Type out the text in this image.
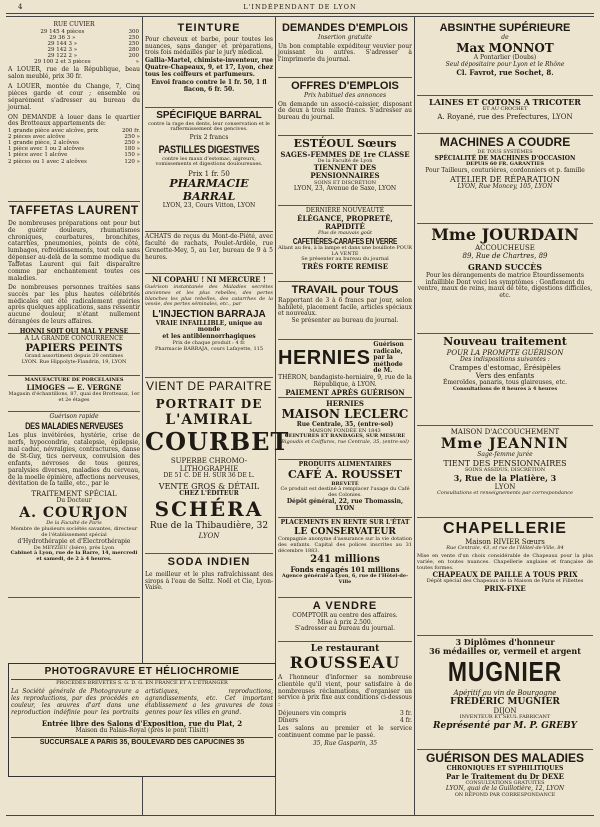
4	L'INDÉPENDANT DE LYON
RUE CUVIER
29 145 4 pièces	300
29 36 3 »	250
29 144 3 »	250
29 142 3 »	280
29 122 2 »	200
29 100 2 et 3 pièces	»
A LOUER, rue de la République, beau salon meublé, prix 30 fr.
A LOUER, montée du Change, 7, Cinq pièces garde et cour ; ensemble ou séparément s'adresser au bureau du journal.
ON DEMANDE à louer dans le quartier des Brotteaux appartements de:
1 grande pièce avec alcôve, prix	200 fr.
2 pièces avec alcôve	250 »
1 grande pièce, 2 alcôves	250 »
1 pièce avec 1 ou 2 alcôves	180 »
1 pièce avec 1 alcôve	150 »
2 pièces ou 1 avec 2 alcôves	120 »
TAFFETAS LAURENT
De nombreuses préparations ont pour but de guérir douleurs, rhumatismes chroniques, courbatures, bronchites, catarrhes, pneumonies, points de côté, lumbagos, refroidissements, tout cela sans dépenser au-delà de la somme modique du Taffetas Laurent qui fait disparaître comme par enchantement toutes ces maladies.
De nombreuses personnes traitées sans succès par les plus hautes célébrités médicales ont été radicalement guéries après quelques applications, sans ressentir aucune douleur, n'étant nullement dérangées de leurs affaires.
HONNI SOIT QUI MAL Y PENSE
A LA GRANDE CONCURRENCE
PAPIERS PEINTS
Grand assortiment depuis 20 centimes
LYON. Rue Hippolyte-Flandrin, 19, LYON
MANUFACTURE DE PORCELAINES
LIMOGES — E. VERGNE
Magasin d'échantillons, 87, quai des Brotteaux, 1er et 2e étages
Guérison rapide
DES MALADIES NERVEUSES
Les plus invétérées, hystérie, crise de nerfs, hypocondrie, catalepsie, épilepsie, mal caduc, névralgies, contractures, danse de St-Guy, tics nerveux, convulsion des enfants, névroses de tous genres, paralysies diverses, maladies du cerveau, de la moelle épinière, affections nerveuses, dévitation de la taille, etc., par le
TRAITEMENT SPÉCIAL
Du Docteur
A. COURJON
De la Faculté de Paris
Membre de plusieurs sociétés savantes, directeur de l'établissement spécial
d'Hydrothérapie et d'Électrothérapie
De MEYZIEU (Isère), près Lyon
Cabinet à Lyon, rue de la Barre, 14, mercredi et samedi, de 2 à 4 heures.
PHOTOGRAVURE ET HÉLIOCHROMIE
PROCÉDÉS BREVETÉS S. G. D. G. EN FRANCE ET A L'ÉTRANGER
La Société générale de Photogravure a les reproductions, par des procédés en couleur, les œuvres d'art dans une reproduction indéfinie pour les portraits artistiques, reproductions, agrandissements, etc. Cet important établissement a les gravures de tous genres pour les villes en grand.
Entrée libre des Salons d'Exposition, rue du Plat, 2
Maison du Palais-Royal (près le pont Tilsitt)
SUCCURSALE A PARIS 35, BOULEVARD DES CAPUCINES 35
TEINTURE
Pour cheveux et barbe, pour toutes les nuances, sans danger et préparations, trois fois médaillés par le jury médical.
Gallia-Martel, chimiste-inventeur, rue Quatre-Chapeaux, 9, et 17, Lyon, chez tous les coiffeurs et parfumeurs.
Envoi franco contre le 1 fr. 50, 1 fl flacon, 6 fr. 50.
SPÉCIFIQUE BARRAL
contre la rage des dents, leur conservation et le raffermissement des gencives.
Prix 2 francs
PASTILLES DIGESTIVES
contre les maux d'estomac, aigreurs, vomissements et digestions douloureuses.
Prix 1 fr. 50
PHARMACIE BARRAL
LYON, 23, Cours Vitton, LYON
ACHATS de reçus du Mont-de-Piété, avec faculté de rachats, Poulet-Ardèle, rue Grenette-Mey, 5, au 1er, bureau de 9 à 5 heures.
NI COPAHU ! NI MERCURE !
Guérison instantanée des Maladies secrètes anciennes et les plus rebelles, des pertes blanches les plus rebelles, des catarrhes de la vessie, des pertes séminales, etc., par
L'INJECTION BARRAJA
VRAIE INFAILLIBLE, unique au monde
et les antiblennorrhagiques
Prix de chaque produit : 4 fr.
Pharmacie BARRAJA, cours Lafayette, 115
VIENT DE PARAITRE
PORTRAIT DE
L'AMIRAL
COURBET
SUPERBE CHROMO-LITHOGRAPHIE
DE 51 C. DE H. SUR 36 DE L.
VENTE GROS & DÉTAIL
CHEZ L'ÉDITEUR
SCHÉRA
Rue de la Thibaudière, 32
LYON
SODA INDIEN
Le meilleur et le plus rafraîchissant des sirops à l'eau de Seltz. Noël et Cie, Lyon-Vaise.
DEMANDES D'EMPLOIS
Insertion gratuite
Un bon comptable expéditeur veuvier pour jouissant ou autres. S'adresser à l'imprimerie du journal.
OFFRES D'EMPLOIS
Prix habituel des annonces
On demande un associé-caissier, disposant de deux à trois mille francs. S'adresser au bureau du journal.
ESTÉOUL Sœurs
SAGES-FEMMES DE 1re CLASSE
De la Faculté de Lyon
TIENNENT DES PENSIONNAIRES
SOINS ET DISCRÉTION
LYON, 23, Avenue de Saxe, LYON
DERNIÈRE NOUVEAUTÉ
ÉLÉGANCE, PROPRETÉ, RAPIDITÉ
Plus de mauvais goût
CAFETIÈRES-CARAFES EN VERRE
Allant au feu, à la lampe et dans une bouillote POUR LA VENTE
Se présenter au bureau du journal
TRÈS FORTE REMISE
TRAVAIL pour TOUS
Rapportant de 3 à 6 francs par jour, selon habileté, placement facile, articles spéciaux et nouveaux.
Se présenter au bureau du journal.
HERNIES
Guérison radicale, par la méthode de M.
THÉRON, bandagiste-herniaire, 9, rue de la République, à LYON.
PAIEMENT APRÈS GUÉRISON
HERNIES
MAISON LECLERC
Rue Centrale, 35, (entre-sol)
MAISON FONDÉE EN 1843
CEINTURES ET BANDAGES, SUR MESURE
Bigoudis et Coiffures, rue Centrale, 35, (entre-sol)
PRODUITS ALIMENTAIRES
CAFÉ A. ROUSSET
BREVETÉ
Ce produit est destiné à remplacer l'usage du Café des Colonies.
Dépôt général, 22, rue Thomassin, LYON
PLACEMENTS EN RENTE SUR L'ÉTAT
LE CONSERVATEUR
Compagnie anonyme d'assurance sur la vie dotation des enfants. Capital des polices inscrites au 31 décembre 1883.
241 millions
Fonds engagés 101 millions
Agence générale à Lyon, 6, rue de l'Hôtel-de-Ville
A VENDRE
COMPTOIR au centre des affaires.
Mise à prix 2.500.
S'adresser au bureau du journal.
Le restaurant
ROUSSEAU
A l'honneur d'informer sa nombreuse clientèle qu'il vient, pour satisfaire à de nombreuses réclamations, d'organiser un service à prix fixe aux conditions ci-dessous :
Déjeuners vin compris	3 fr.
Dîners	4 fr.
Les salons au premier et le service continuent comme par le passé.
35, Rue Gasparin, 35
ABSINTHE SUPÉRIEURE
de
Max MONNOT
A Pontarlier (Doubs)
Seul dépositaire pour Lyon et le Rhône
Cl. Favrot, rue Sochet, 8.
LAINES ET COTONS A TRICOTER
ET AU CROCHET
A. Royané, rue des Prefectures, LYON
MACHINES A COUDRE
DE TOUS SYSTÈMES
SPÉCIALITÉ DE MACHINES D'OCCASION
DEPUIS 60 FR. GARANTIES
Pour Tailleurs, couturières, cordonniers et p. famille
ATELIER DE RÉPARATION
LYON, Rue Moncey, 105, LYON
Mme JOURDAIN
ACCOUCHEUSE
89, Rue de Chartres, 89
GRAND SUCCÈS
Pour les dérangements de matrice Étourdissements infaillible Dont voici les symptômes : Gonflement du ventre, maux de reins, maux de tête, digestions difficiles, etc.
Nouveau traitement
POUR LA PROMPTE GUÉRISON
Des indispositions suivantes :
Crampes d'estomac, Érésipèles
Vers des enfants
Émeroïdes, panaris, tous glaireuses, etc.
Consultations de 8 heures à 4 heures
MAISON D'ACCOUCHEMENT
Mme JEANNIN
Sage-femme jurée
TIENT DES PENSIONNAIRES
SOINS ASSIDUS, DISCRÉTION
3, Rue de la Platière, 3
LYON
Consultations et renseignements par correspondance
CHAPELLERIE
Maison RIVIER Sœurs
Rue Centrale, 43, et rue de l'Hôtel-de-Ville, 84
Mise en vente d'un choix considérable de Chapeaux pour la plus variée, en toutes nuances. Chapellerie anglaise et française de toutes formes.
CHAPEAUX DE PAILLE A TOUS PRIX
Dépôt spécial des Chapeaux de la Maison de Paris et Fillettes
PRIX-FIXE
3 Diplômes d'honneur
36 médailles or, vermeil et argent
MUGNIER
Apéritif au vin de Bourgogne
FRÉDÉRIC MUGNIER
DIJON
INVENTEUR ET SEUL FABRICANT
Représenté par M. P. GREBY
GUÉRISON DES MALADIES
CHRONIQUES ET SYPHILITIQUES
Par le Traitement du Dr DEXE
CONSULTATIONS GRATUITES
LYON, quai de la Guillotière, 12, LYON
ON RÉPOND PAR CORRESPONDANCE
